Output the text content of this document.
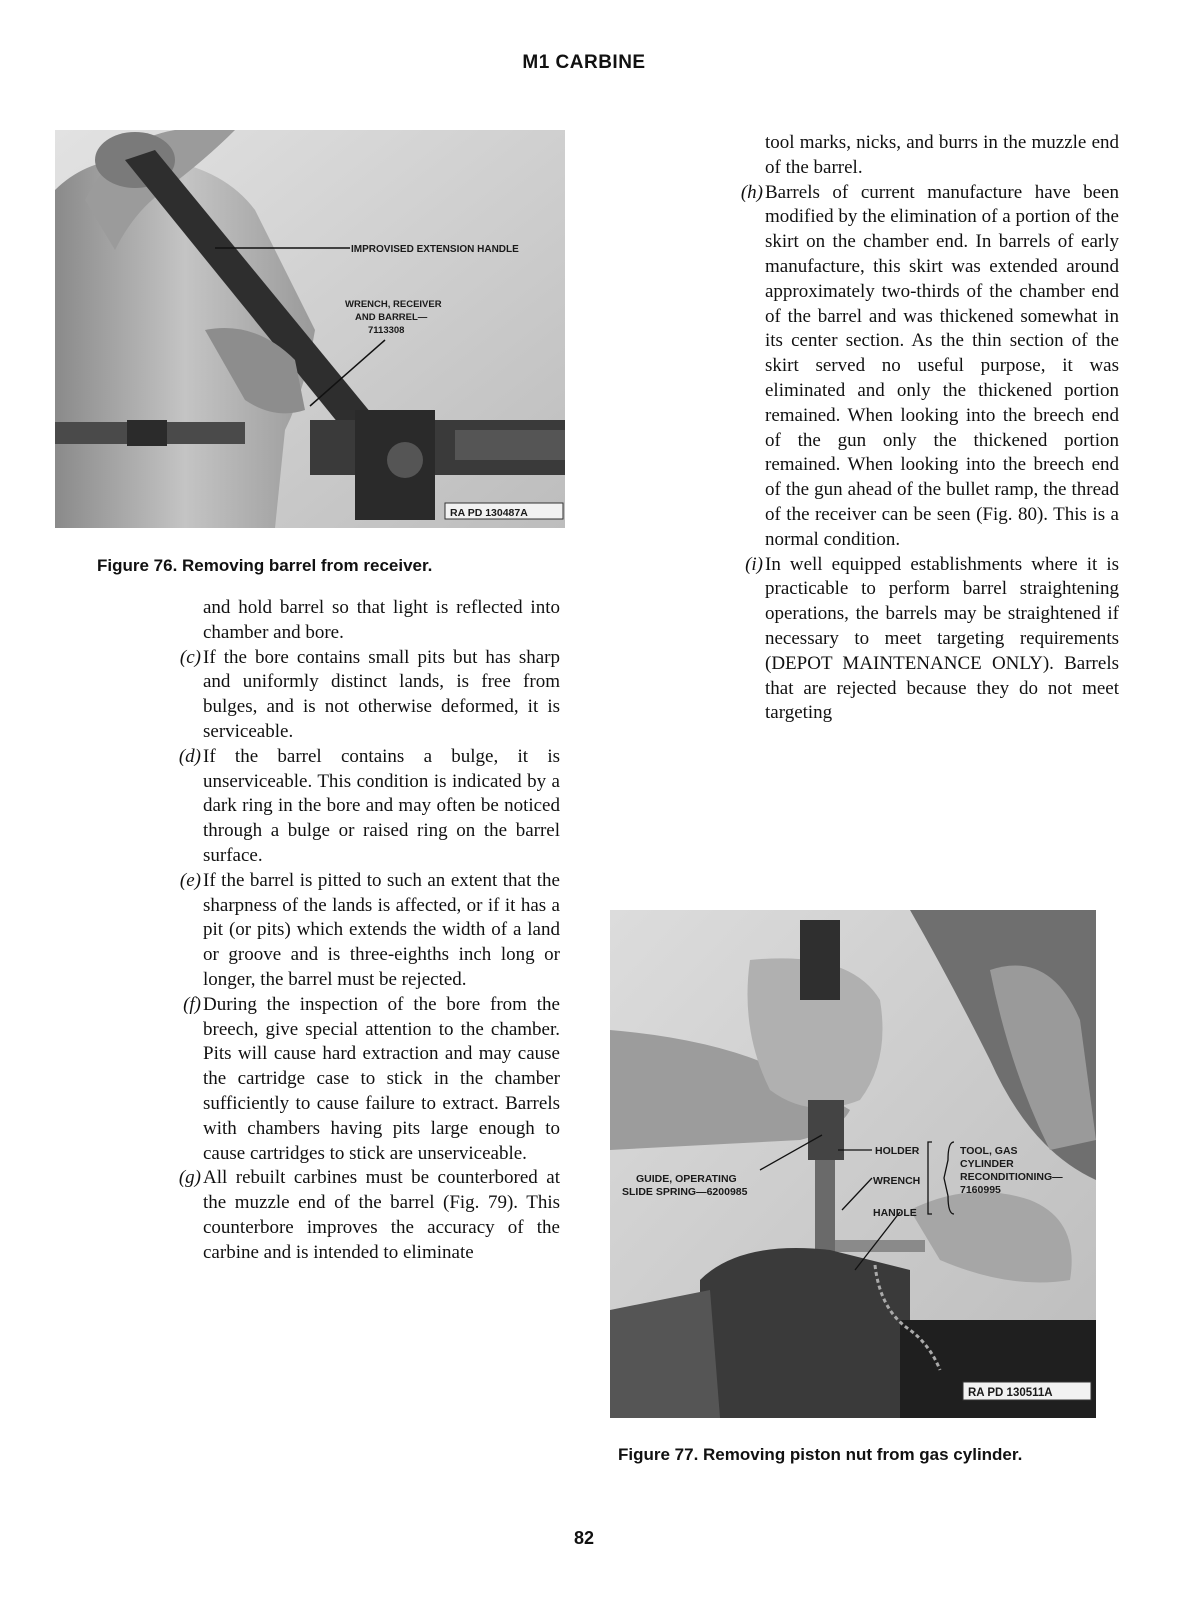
M1 CARBINE
IMPROVISED EXTENSION HANDLE
WRENCH, RECEIVER
AND BARREL—
7113308
RA PD 130487A
Figure 76. Removing barrel from receiver.

and hold barrel so that light is reflected into chamber and bore.

(c) If the bore contains small pits but has sharp and uniformly distinct lands, is free from bulges, and is not otherwise deformed, it is serviceable.
(d) If the barrel contains a bulge, it is unserviceable. This condition is indicated by a dark ring in the bore and may often be noticed through a bulge or raised ring on the barrel surface.
(e) If the barrel is pitted to such an extent that the sharpness of the lands is affected, or if it has a pit (or pits) which extends the width of a land or groove and is three-eighths inch long or longer, the barrel must be rejected.
(f) During the inspection of the bore from the breech, give special attention to the chamber. Pits will cause hard extraction and may cause the cartridge case to stick in the chamber sufficiently to cause failure to extract. Barrels with chambers having pits large enough to cause cartridges to stick are unserviceable.
(g) All rebuilt carbines must be counterbored at the muzzle end of the barrel (Fig. 79). This counterbore improves the accuracy of the carbine and is intended to eliminate

tool marks, nicks, and burrs in the muzzle end of the barrel.

(h) Barrels of current manufacture have been modified by the elimination of a portion of the skirt on the chamber end. In barrels of early manufacture, this skirt was extended around approximately two-thirds of the chamber end of the barrel and was thickened somewhat in its center section. As the thin section of the skirt served no useful purpose, it was eliminated and only the thickened portion remained. When looking into the breech end of the gun only the thickened portion remained. When looking into the breech end of the gun ahead of the bullet ramp, the thread of the receiver can be seen (Fig. 80). This is a normal condition.
(i) In well equipped establishments where it is practicable to perform barrel straightening operations, the barrels may be straightened if necessary to meet targeting requirements (DEPOT MAINTENANCE ONLY). Barrels that are rejected because they do not meet targeting
GUIDE, OPERATING
SLIDE SPRING—6200985
HOLDER
WRENCH
HANDLE
TOOL, GAS
CYLINDER
RECONDITIONING—
7160995
RA PD 130511A
Figure 77. Removing piston nut from gas cylinder.
82
